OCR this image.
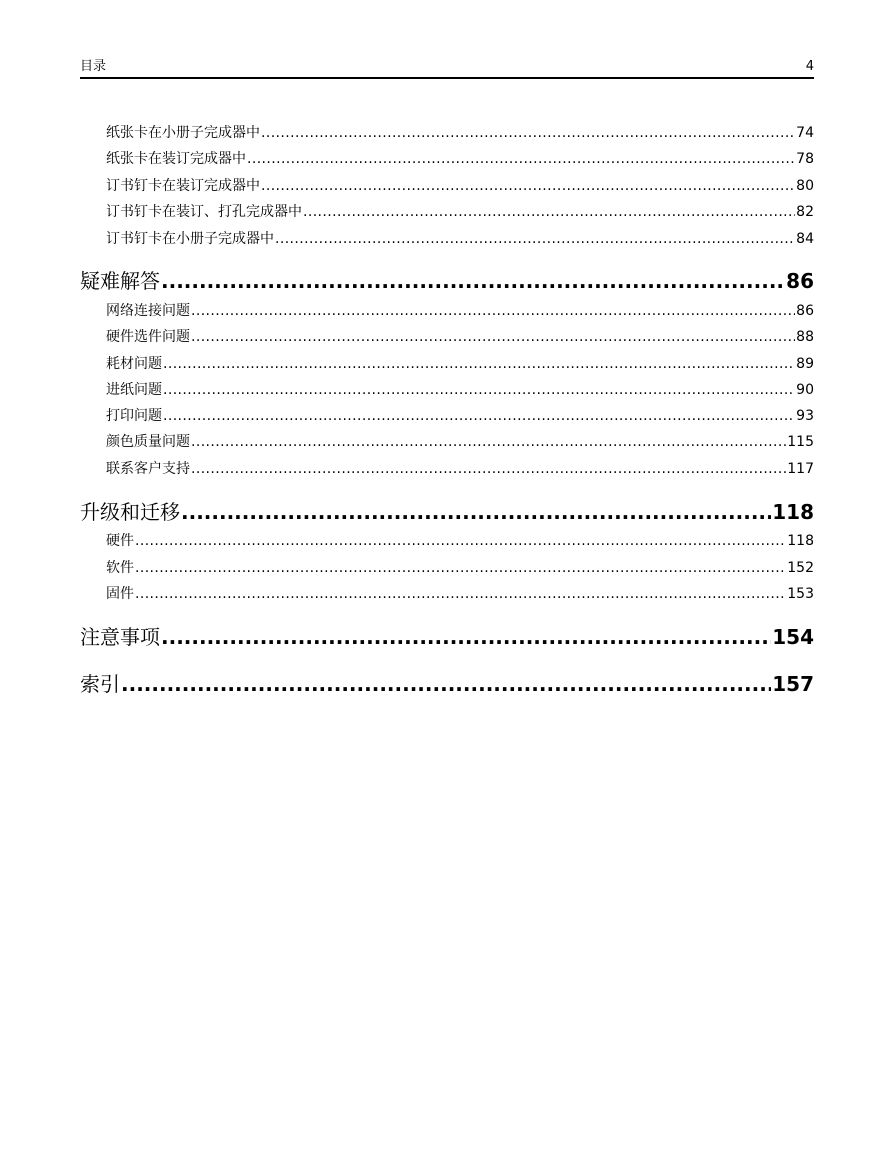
目录	4
纸张卡在小册子完成器中 .....	74
纸张卡在装订完成器中 .....	78
订书钉卡在装订完成器中 .....	80
订书钉卡在装订、打孔完成器中 .....	82
订书钉卡在小册子完成器中 .....	84
疑难解答 .....	86
网络连接问题 .....	86
硬件选件问题 .....	88
耗材问题 .....	89
进纸问题 .....	90
打印问题 .....	93
颜色质量问题 .....	115
联系客户支持 .....	117
升级和迁移 .....	118
硬件 .....	118
软件 .....	152
固件 .....	153
注意事项 .....	154
索引 .....	157
